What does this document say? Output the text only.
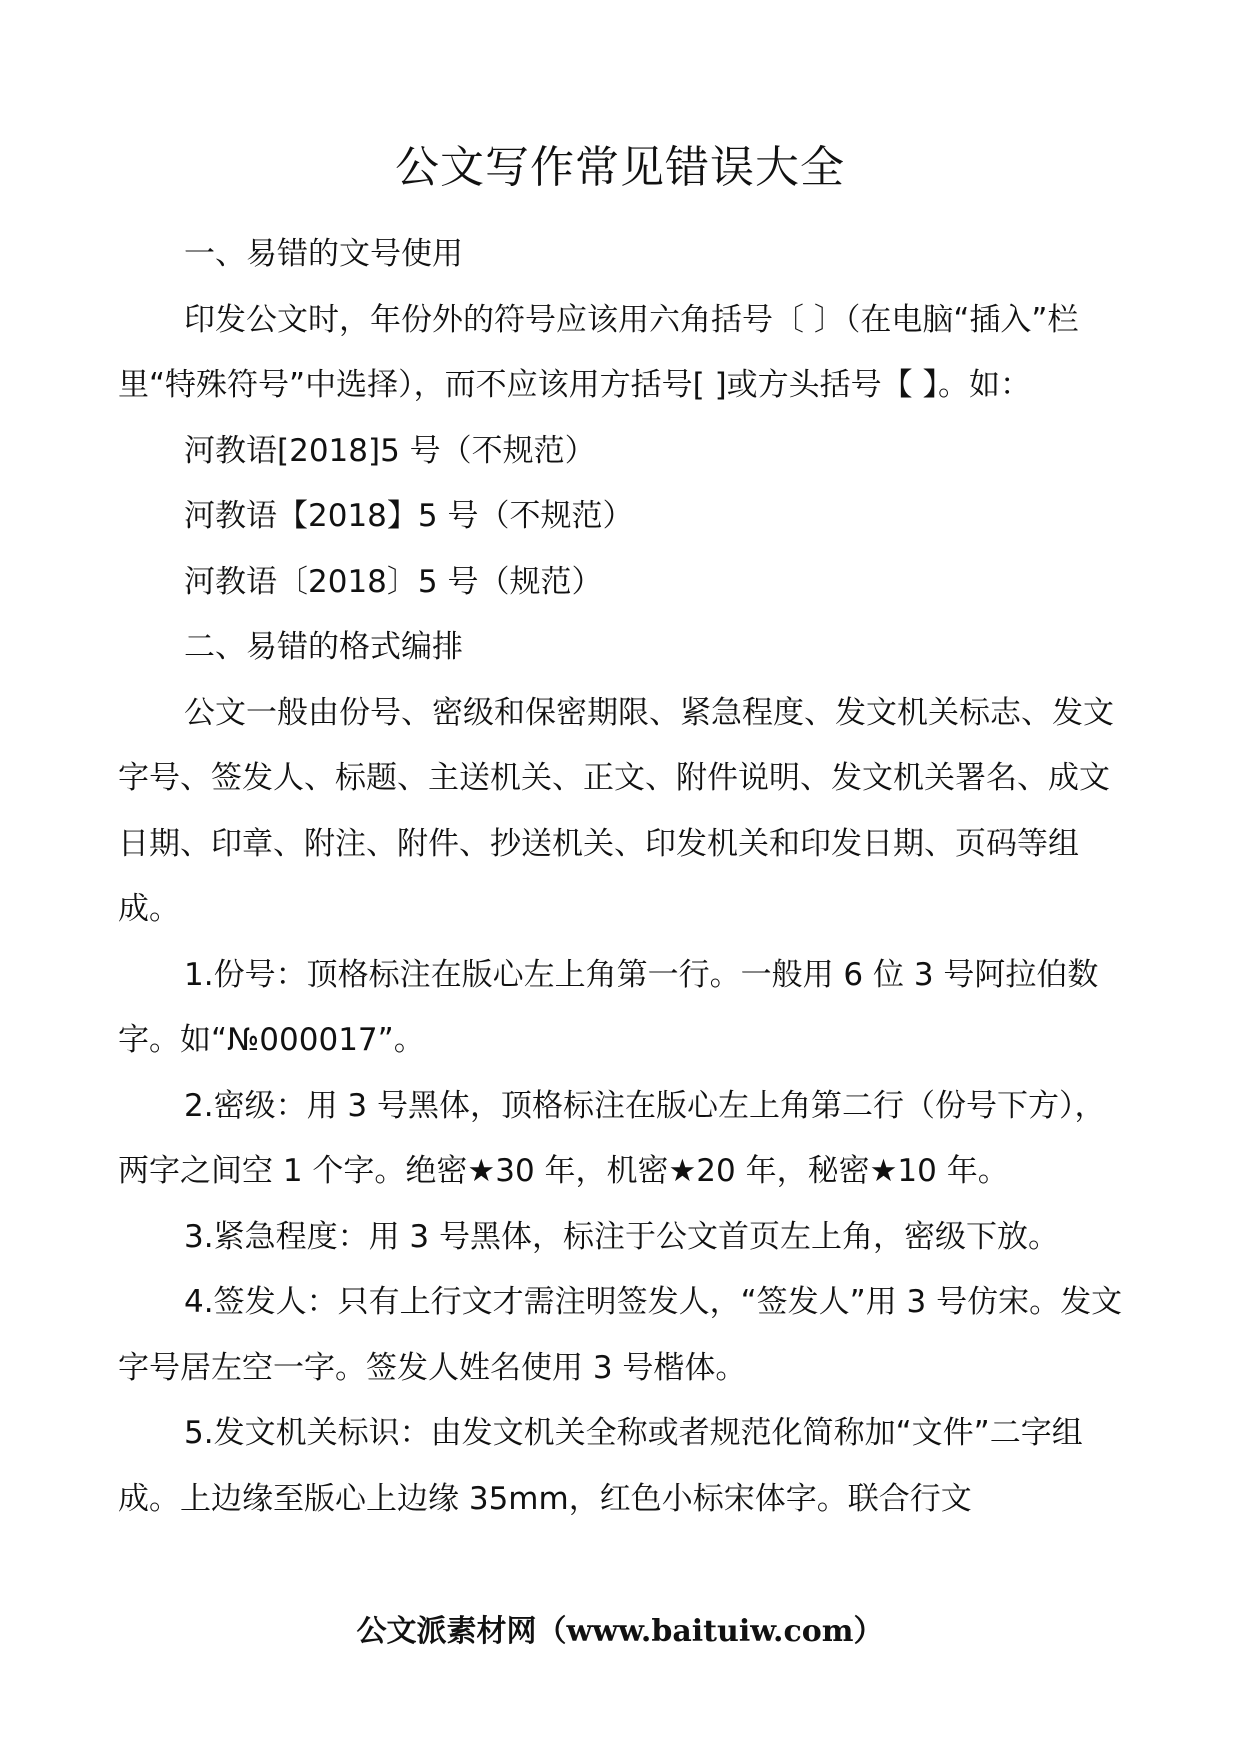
公文写作常见错误大全

一、易错的文号使用

印发公文时，年份外的符号应该用六角括号〔 〕（在电脑“插入”栏里“特殊符号”中选择），而不应该用方括号[ ]或方头括号【 】。如：

河教语[2018]5 号（不规范）

河教语【2018】5 号（不规范）

河教语〔2018〕5 号（规范）

二、易错的格式编排

公文一般由份号、密级和保密期限、紧急程度、发文机关标志、发文字号、签发人、标题、主送机关、正文、附件说明、发文机关署名、成文日期、印章、附注、附件、抄送机关、印发机关和印发日期、页码等组成。

1.份号：顶格标注在版心左上角第一行。一般用 6 位 3 号阿拉伯数字。如“№000017”。

2.密级：用 3 号黑体，顶格标注在版心左上角第二行（份号下方），两字之间空 1 个字。绝密★30 年，机密★20 年，秘密★10 年。

3.紧急程度：用 3 号黑体，标注于公文首页左上角，密级下放。

4.签发人：只有上行文才需注明签发人，“签发人”用 3 号仿宋。发文字号居左空一字。签发人姓名使用 3 号楷体。

5.发文机关标识：由发文机关全称或者规范化简称加“文件”二字组成。上边缘至版心上边缘 35mm，红色小标宋体字。联合行文

公文派素材网（www.baituiw.com）
